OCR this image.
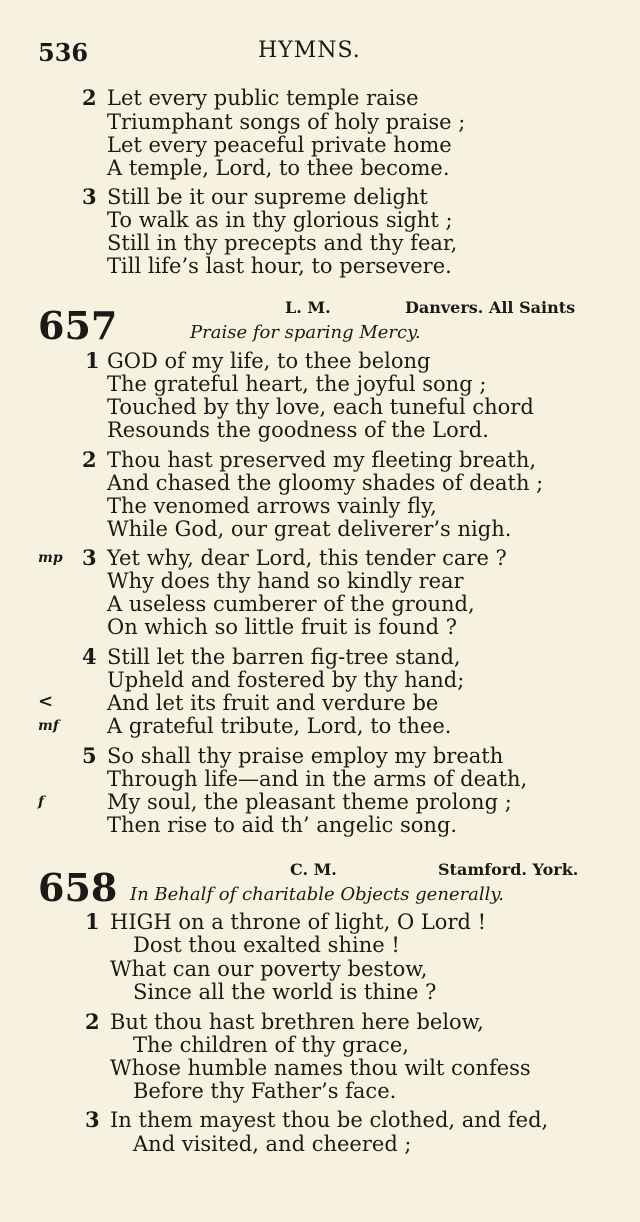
536	HYMNS.
2 Let every public temple raise
Triumphant songs of holy praise ;
Let every peaceful private home
A temple, Lord, to thee become.
3 Still be it our supreme delight
To walk as in thy glorious sight ;
Still in thy precepts and thy fear,
Till life’s last hour, to persevere.
L. M.	Danvers. All Saints
657	Praise for sparing Mercy.
1 GOD of my life, to thee belong
The grateful heart, the joyful song ;
Touched by thy love, each tuneful chord
Resounds the goodness of the Lord.
2 Thou hast preserved my fleeting breath,
And chased the gloomy shades of death ;
The venomed arrows vainly fly,
While God, our great deliverer’s nigh.
mp 3 Yet why, dear Lord, this tender care ?
Why does thy hand so kindly rear
A useless cumberer of the ground,
On which so little fruit is found ?
4 Still let the barren fig-tree stand,
Upheld and fostered by thy hand;
<	And let its fruit and verdure be
mf A grateful tribute, Lord, to thee.
5 So shall thy praise employ my breath
Through life—and in the arms of death,
f	My soul, the pleasant theme prolong ;
Then rise to aid th’ angelic song.
C. M.	Stamford. York.
658 In Behalf of charitable Objects generally.
1 HIGH on a throne of light, O Lord !
Dost thou exalted shine !
What can our poverty bestow,
Since all the world is thine ?
2 But thou hast brethren here below,
The children of thy grace,
Whose humble names thou wilt confess
Before thy Father’s face.
3 In them mayest thou be clothed, and fed,
And visited, and cheered ;
